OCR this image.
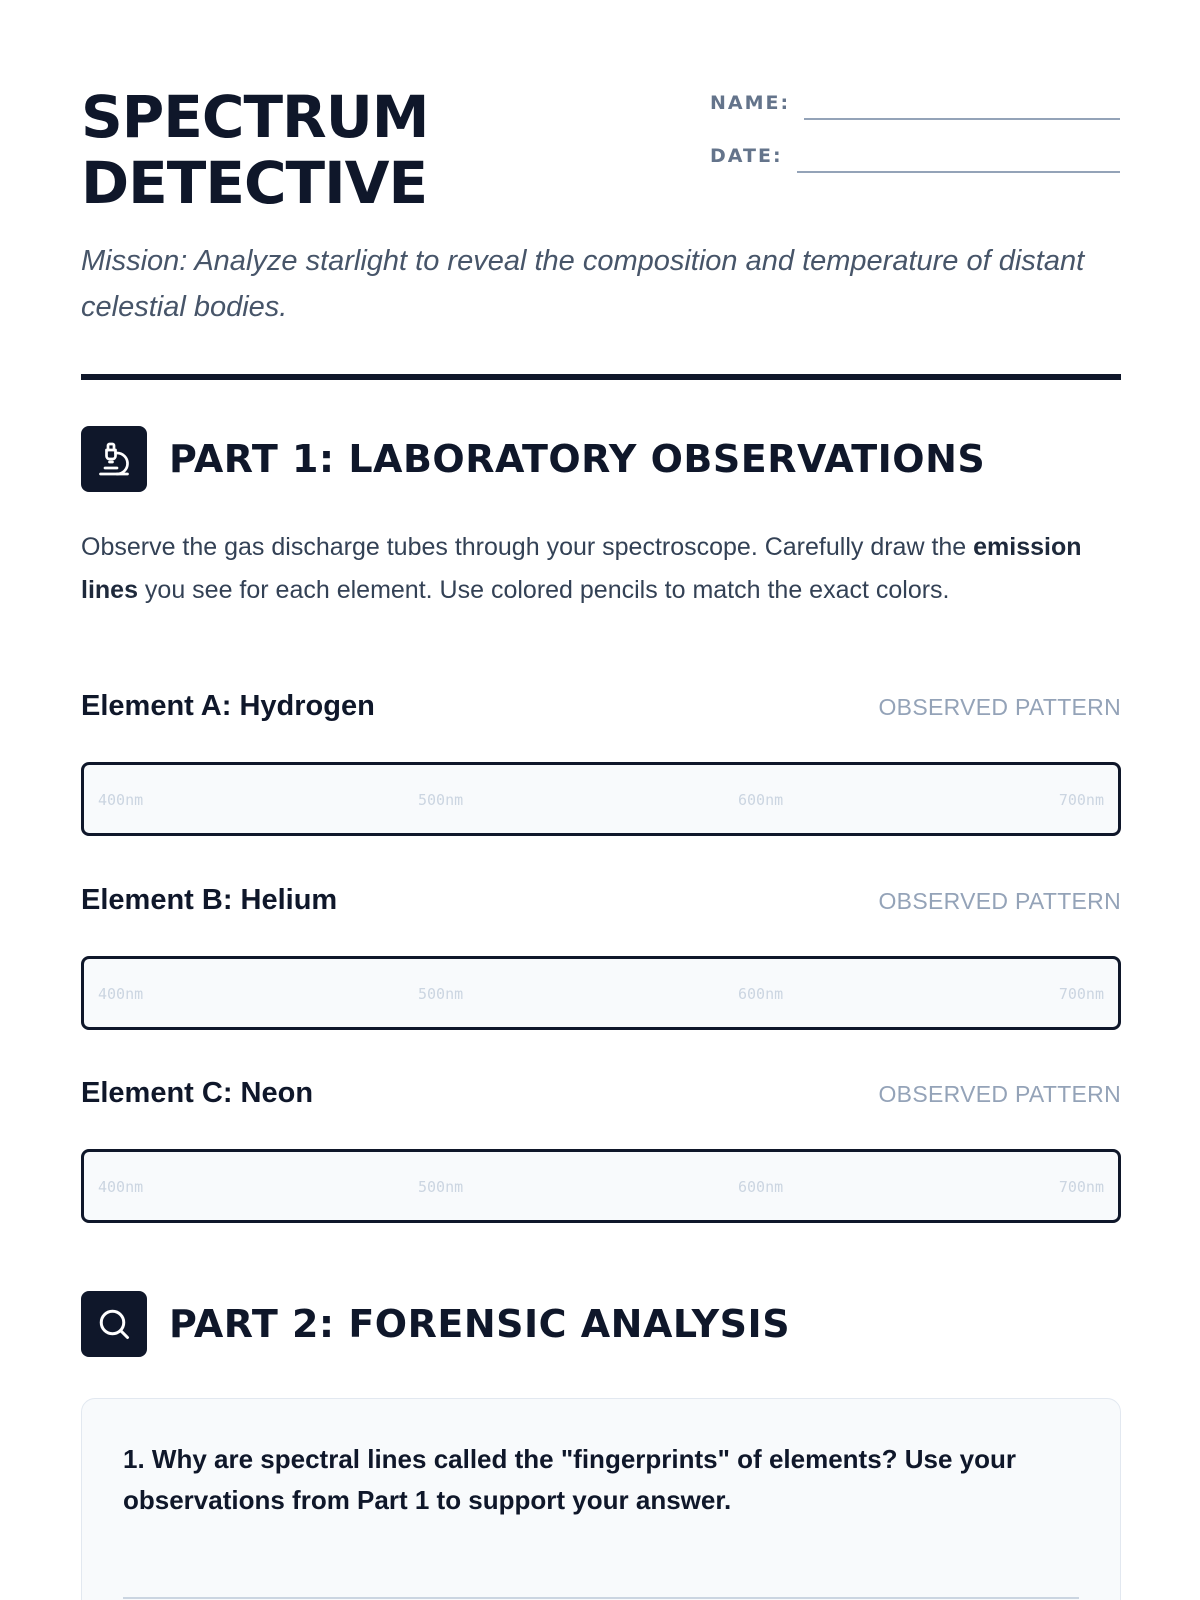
SPECTRUM
DETECTIVE
NAME:
DATE:

Mission: Analyze starlight to reveal the composition and temperature of distant celestial bodies.

PART 1: LABORATORY OBSERVATIONS

Observe the gas discharge tubes through your spectroscope. Carefully draw the emission lines you see for each element. Use colored pencils to match the exact colors.

Element A: Hydrogen	OBSERVED PATTERN
400nm	500nm	600nm	700nm
Element B: Helium	OBSERVED PATTERN
400nm	500nm	600nm	700nm
Element C: Neon	OBSERVED PATTERN
400nm	500nm	600nm	700nm
PART 2: FORENSIC ANALYSIS

1. Why are spectral lines called the "fingerprints" of elements? Use your observations from Part 1 to support your answer.
